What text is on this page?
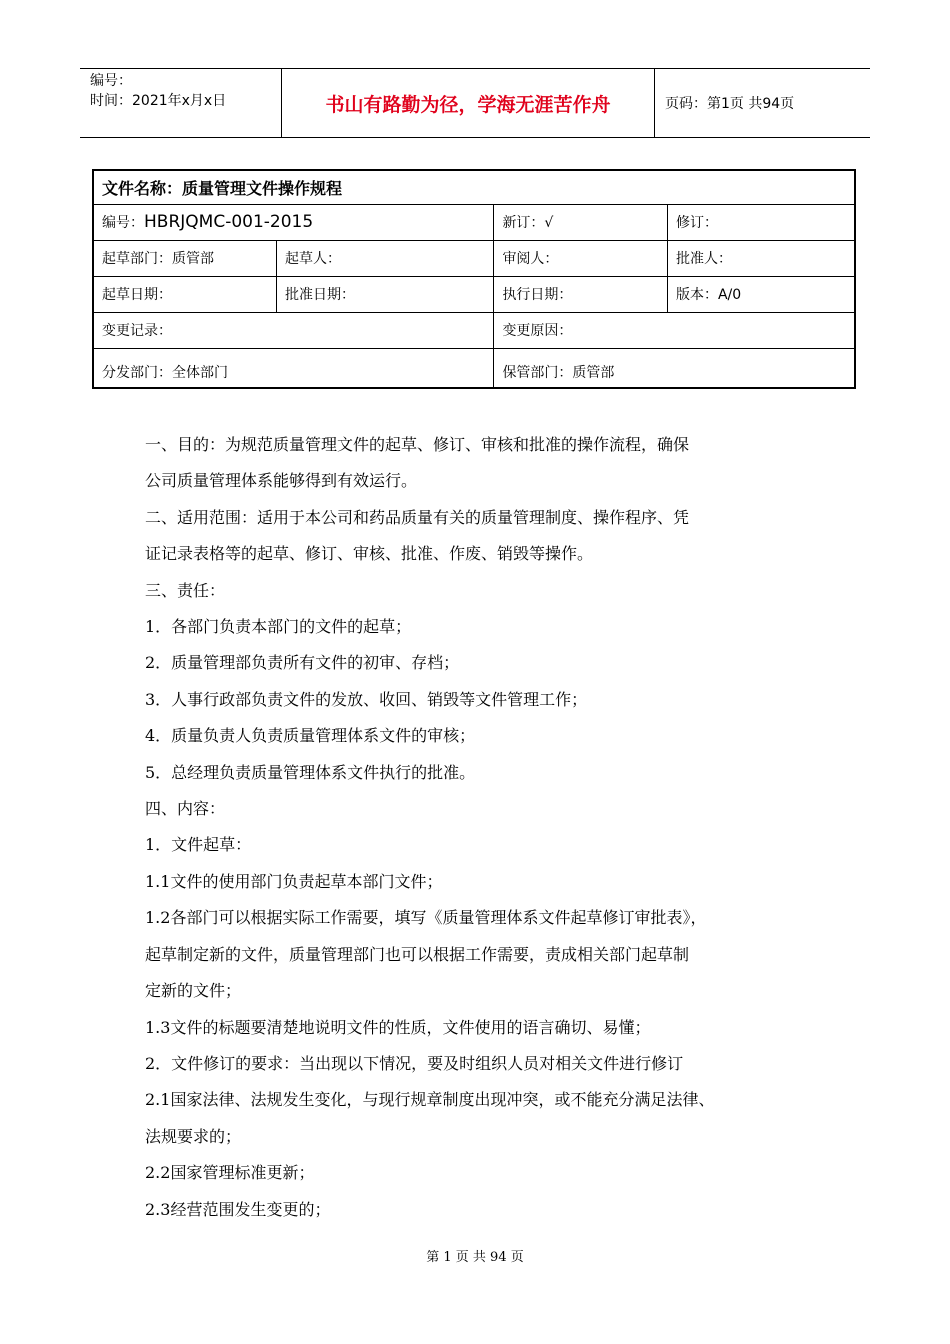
编号：
时间：2021年x月x日	书山有路勤为径，学海无涯苦作舟	页码：第1页 共94页
文件名称：质量管理文件操作规程			
编号：HBRJQMC-001-2015		新订：√	修订：
起草部门：质管部	起草人：	审阅人：	批准人：
起草日期：	批准日期：	执行日期：	版本：A/0
变更记录：		变更原因：	
分发部门：全体部门		保管部门：质管部	

一、目的：为规范质量管理文件的起草、修订、审核和批准的操作流程，确保

公司质量管理体系能够得到有效运行。

二、适用范围：适用于本公司和药品质量有关的质量管理制度、操作程序、凭

证记录表格等的起草、修订、审核、批准、作废、销毁等操作。

三、责任：

1．各部门负责本部门的文件的起草；

2．质量管理部负责所有文件的初审、存档；

3．人事行政部负责文件的发放、收回、销毁等文件管理工作；

4．质量负责人负责质量管理体系文件的审核；

5．总经理负责质量管理体系文件执行的批准。

四、内容：

1．文件起草：

1.1文件的使用部门负责起草本部门文件；

1.2各部门可以根据实际工作需要，填写《质量管理体系文件起草修订审批表》，

起草制定新的文件，质量管理部门也可以根据工作需要，责成相关部门起草制

定新的文件；

1.3文件的标题要清楚地说明文件的性质，文件使用的语言确切、易懂；

2．文件修订的要求：当出现以下情况，要及时组织人员对相关文件进行修订

2.1国家法律、法规发生变化，与现行规章制度出现冲突，或不能充分满足法律、

法规要求的；

2.2国家管理标准更新；

2.3经营范围发生变更的；

第 1 页 共 94 页
